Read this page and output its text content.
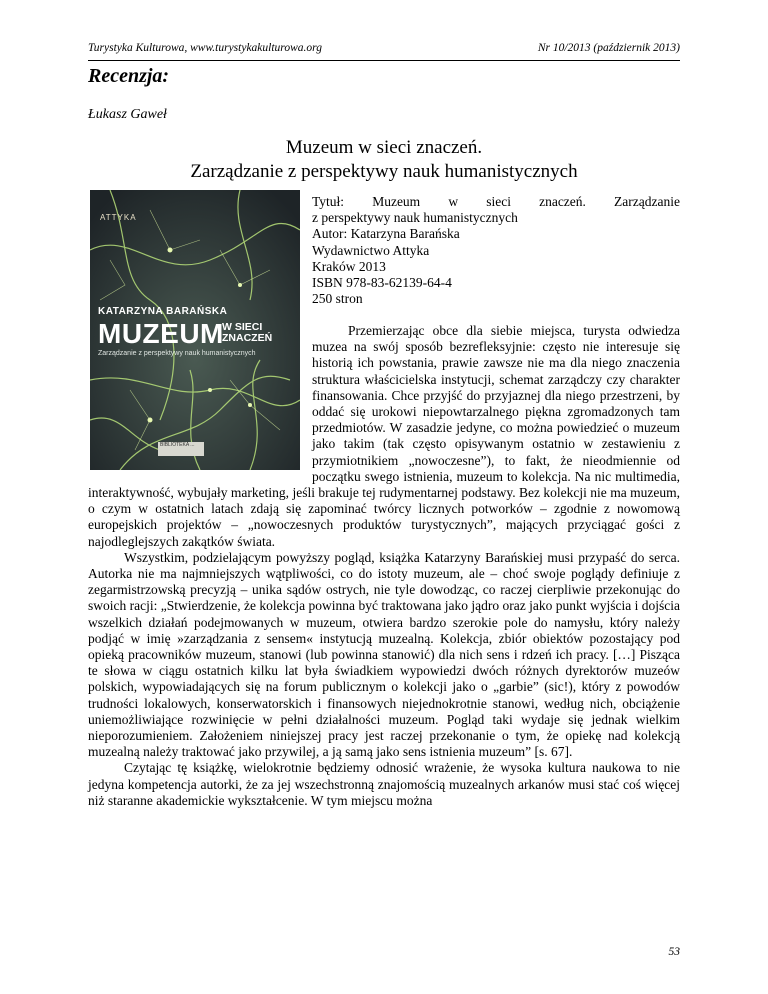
Turystyka Kulturowa, www.turystykakulturowa.org	Nr 10/2013 (październik 2013)
Recenzja:
Łukasz Gaweł
Muzeum w sieci znaczeń.
Zarządzanie z perspektywy nauk humanistycznych

Przemierzając obce dla siebie miejsca, turysta odwiedza muzea na swój sposób bezrefleksyjnie: często nie interesuje się historią ich powstania, prawie zawsze nie ma dla niego znaczenia struktura właścicielska instytucji, schemat zarządczy czy charakter finansowania. Chce przyjść do przyjaznej dla niego przestrzeni, by oddać się urokowi niepowtarzalnego piękna zgromadzonych tam przedmiotów. W zasadzie jedyne, co można powiedzieć o muzeum jako takim (tak często opisywanym ostatnio w zestawieniu z przymiotnikiem „nowoczesne”), to fakt, że nieodmiennie od początku swego istnienia, muzeum to kolekcja. Na nic multimedia, interaktywność, wybujały marketing, jeśli brakuje tej rudymentarnej podstawy. Bez kolekcji nie ma muzeum, o czym w ostatnich latach zdają się zapominać twórcy licznych potworków – zgodnie z nowomową europejskich projektów – „nowoczesnych produktów turystycznych”, mających przyciągać gości z najodleglejszych zakątków świata.

Wszystkim, podzielającym powyższy pogląd, książka Katarzyny Barańskiej musi przypaść do serca. Autorka nie ma najmniejszych wątpliwości, co do istoty muzeum, ale – choć swoje poglądy definiuje z zegarmistrzowską precyzją – unika sądów ostrych, nie tyle dowodząc, co raczej cierpliwie przekonując do swoich racji: „Stwierdzenie, że kolekcja powinna być traktowana jako jądro oraz jako punkt wyjścia i dojścia wszelkich działań podejmowanych w muzeum, otwiera bardzo szerokie pole do namysłu, który należy podjąć w imię »zarządzania z sensem« instytucją muzealną. Kolekcja, zbiór obiektów pozostający pod opieką pracowników muzeum, stanowi (lub powinna stanowić) dla nich sens i rdzeń ich pracy. […] Pisząca te słowa w ciągu ostatnich kilku lat była świadkiem wypowiedzi dwóch różnych dyrektorów muzeów polskich, wypowiadających się na forum publicznym o kolekcji jako o „garbie” (sic!), który z powodów trudności lokalowych, konserwatorskich i finansowych niejednokrotnie stanowi, według nich, obciążenie uniemożliwiające rozwinięcie w pełni działalności muzeum. Pogląd taki wydaje się jednak wielkim nieporozumieniem. Założeniem niniejszej pracy jest raczej przekonanie o tym, że opiekę nad kolekcją muzealną należy traktować jako przywilej, a ją samą jako sens istnienia muzeum” [s. 67].

Czytając tę książkę, wielokrotnie będziemy odnosić wrażenie, że wysoka kultura naukowa to nie jedyna kompetencja autorki, że za jej wszechstronną znajomością muzealnych arkanów musi stać coś więcej niż staranne akademickie wykształcenie. W tym miejscu można

ATTYKA
KATARZYNA BARAŃSKA
MUZEUM
W SIECI
ZNACZEŃ
Zarządzanie z perspektywy nauk humanistycznych
BIBLIOTEKA ...
Tytuł: Muzeum w sieci znaczeń. Zarządzanie
z perspektywy nauk humanistycznych
Autor: Katarzyna Barańska
Wydawnictwo Attyka
Kraków 2013
ISBN 978-83-62139-64-4
250 stron
53
